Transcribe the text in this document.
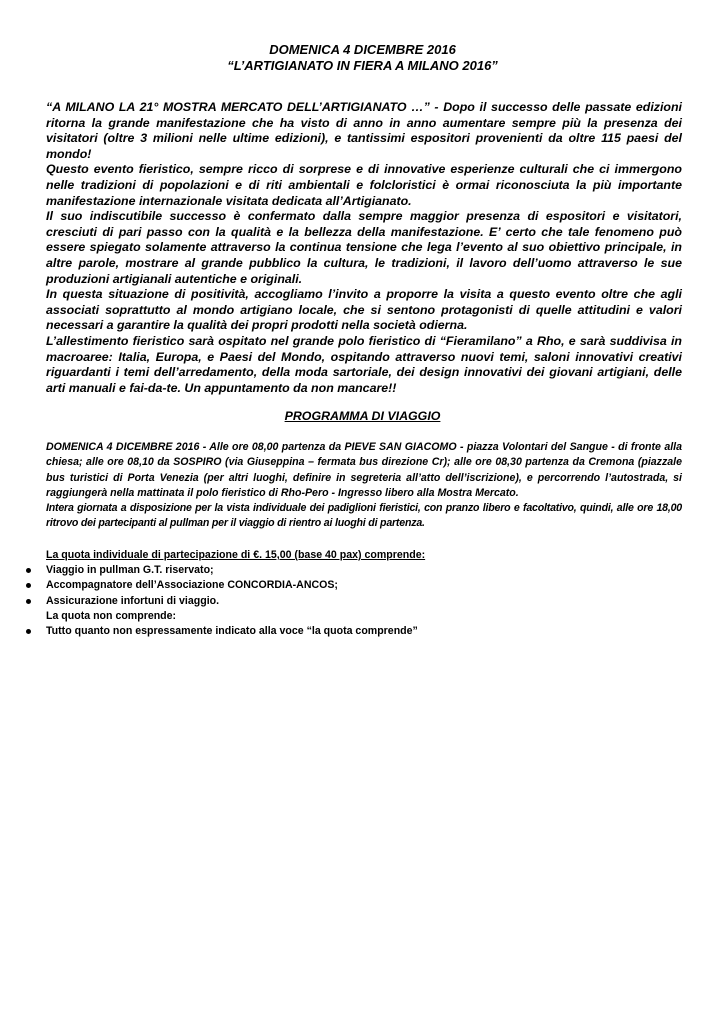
DOMENICA 4 DICEMBRE 2016
“L’ARTIGIANATO IN FIERA A MILANO 2016”

“A MILANO LA 21° MOSTRA MERCATO DELL’ARTIGIANATO …” - Dopo il successo delle passate edizioni ritorna la grande manifestazione che ha visto di anno in anno aumentare sempre più la presenza dei visitatori (oltre 3 milioni nelle ultime edizioni), e tantissimi espositori provenienti da oltre 115 paesi del mondo!

Questo evento fieristico, sempre ricco di sorprese e di innovative esperienze culturali che ci immergono nelle tradizioni di popolazioni e di riti ambientali e folcloristici è ormai riconosciuta la più importante manifestazione internazionale visitata dedicata all’Artigianato.

Il suo indiscutibile successo è confermato dalla sempre maggior presenza di espositori e visitatori, cresciuti di pari passo con la qualità e la bellezza della manifestazione. E’ certo che tale fenomeno può essere spiegato solamente attraverso la continua tensione che lega l’evento al suo obiettivo principale, in altre parole, mostrare al grande pubblico la cultura, le tradizioni, il lavoro dell’uomo attraverso le sue produzioni artigianali autentiche e originali.

In questa situazione di positività, accogliamo l’invito a proporre la visita a questo evento oltre che agli associati soprattutto al mondo artigiano locale, che si sentono protagonisti di quelle attitudini e valori necessari a garantire la qualità dei propri prodotti nella società odierna.

L’allestimento fieristico sarà ospitato nel grande polo fieristico di “Fieramilano” a Rho, e sarà suddivisa in macroaree: Italia, Europa, e Paesi del Mondo, ospitando attraverso nuovi temi, saloni innovativi creativi riguardanti i temi dell’arredamento, della moda sartoriale, dei design innovativi dei giovani artigiani, delle arti manuali e fai-da-te. Un appuntamento da non mancare!!

PROGRAMMA DI VIAGGIO

DOMENICA 4 DICEMBRE 2016 - Alle ore 08,00 partenza da PIEVE SAN GIACOMO - piazza Volontari del Sangue - di fronte alla chiesa; alle ore 08,10 da SOSPIRO (via Giuseppina – fermata bus direzione Cr); alle ore 08,30 partenza da Cremona (piazzale bus turistici di Porta Venezia (per altri luoghi, definire in segreteria all’atto dell’iscrizione), e percorrendo l’autostrada, si raggiungerà nella mattinata il polo fieristico di Rho-Pero - Ingresso libero alla Mostra Mercato.

Intera giornata a disposizione per la vista individuale dei padiglioni fieristici, con pranzo libero e facoltativo, quindi, alle ore 18,00 ritrovo dei partecipanti al pullman per il viaggio di rientro ai luoghi di partenza.

La quota individuale di partecipazione di €. 15,00 (base 40 pax) comprende:

Viaggio in pullman G.T. riservato;
Accompagnatore dell’Associazione CONCORDIA-ANCOS;
Assicurazione infortuni di viaggio.

La quota non comprende:

Tutto quanto non espressamente indicato alla voce “la quota comprende”
